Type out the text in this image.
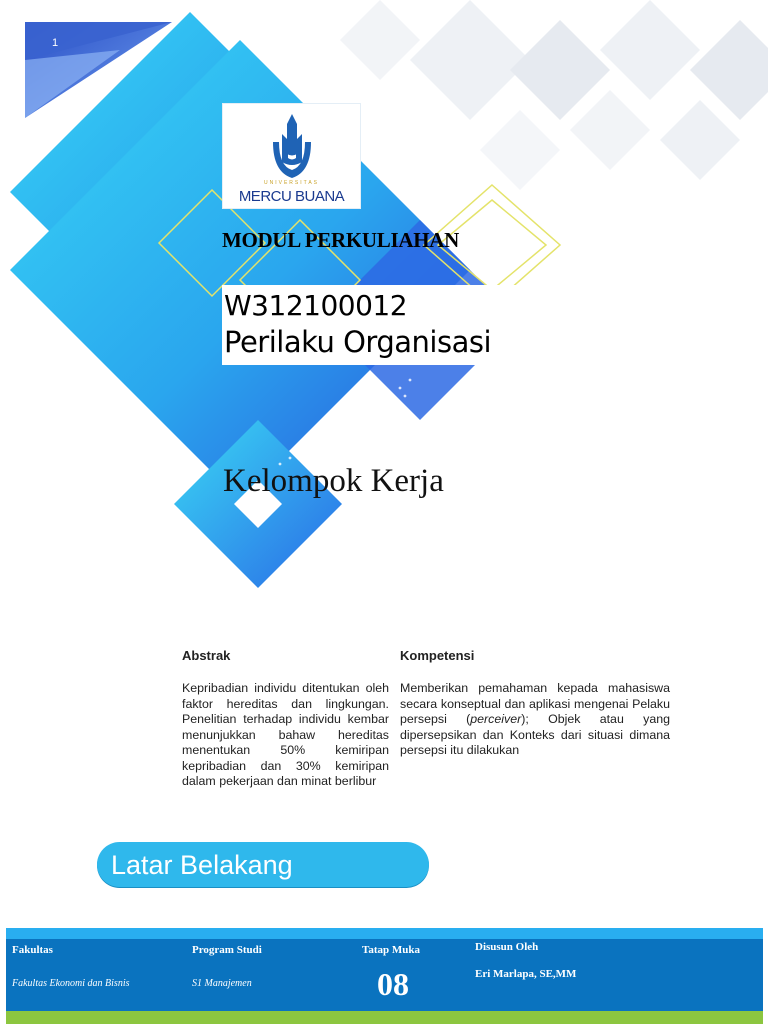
1
UNIVERSITAS
MERCU BUANA
MODUL PERKULIAHAN
W312100012
Perilaku Organisasi
Kelompok Kerja
Abstrak
Kepribadian individu ditentukan oleh faktor hereditas dan lingkungan. Penelitian terhadap individu kembar menunjukkan bahaw hereditas menentukan 50% kemiripan kepribadian dan 30% kemiripan dalam pekerjaan dan minat berlibur
Kompetensi
Memberikan pemahaman kepada mahasiswa secara konseptual dan aplikasi mengenai Pelaku persepsi (perceiver); Objek atau yang dipersepsikan dan Konteks dari situasi dimana persepsi itu dilakukan
Latar Belakang
Fakultas
Fakultas Ekonomi dan Bisnis
Program Studi
S1 Manajemen
Tatap Muka
08
Disusun Oleh
Eri Marlapa, SE,MM
